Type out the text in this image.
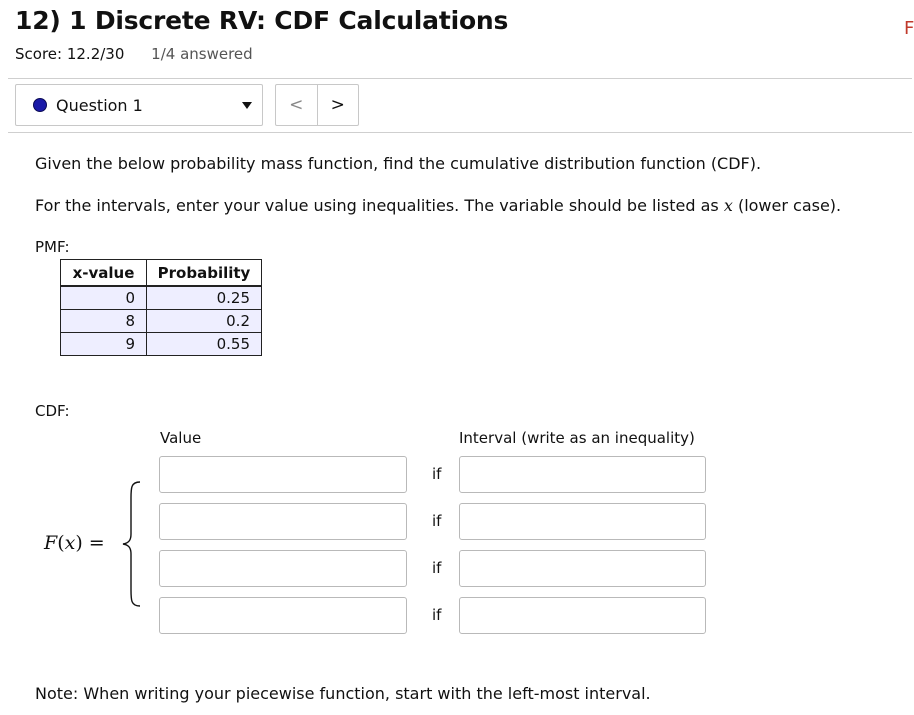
12) 1 Discrete RV: CDF Calculations	F
Score: 12.2/30 1/4 answered
Question 1	< >
Given the below probability mass function, find the cumulative distribution function (CDF).
For the intervals, enter your value using inequalities. The variable should be listed as x (lower case).
PMF:
x-value	Probability
0	0.25
8	0.2
9	0.55
CDF:
Value	Interval (write as an inequality)
F(x) =
if
if
if
if
Note: When writing your piecewise function, start with the left-most interval.
